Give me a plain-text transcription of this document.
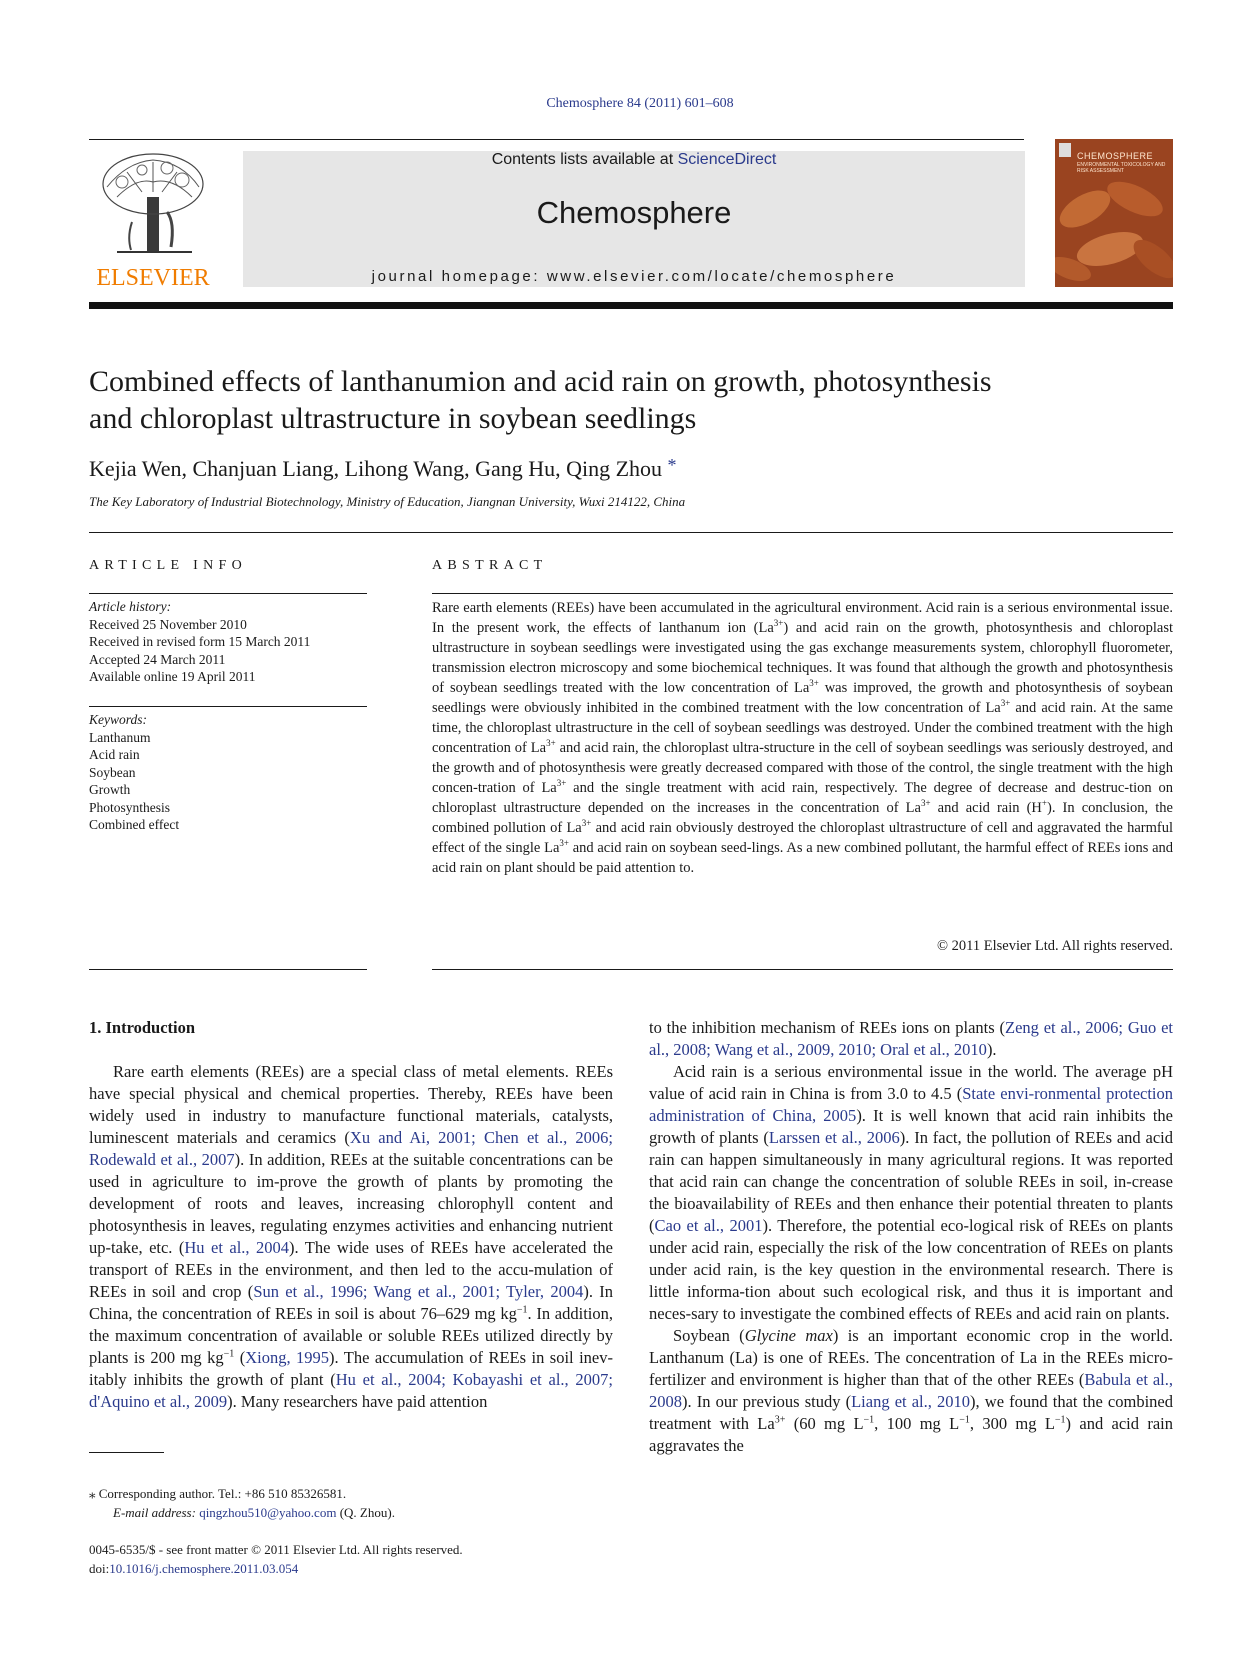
Chemosphere 84 (2011) 601–608
ELSEVIER
Contents lists available at ScienceDirect
Chemosphere
journal homepage: www.elsevier.com/locate/chemosphere
CHEMOSPHERE
ENVIRONMENTAL TOXICOLOGY AND RISK ASSESSMENT
Combined effects of lanthanumion and acid rain on growth, photosynthesis
and chloroplast ultrastructure in soybean seedlings
Kejia Wen, Chanjuan Liang, Lihong Wang, Gang Hu, Qing Zhou *
The Key Laboratory of Industrial Biotechnology, Ministry of Education, Jiangnan University, Wuxi 214122, China
ARTICLE INFO	ABSTRACT
Article history:
Received 25 November 2010
Received in revised form 15 March 2011
Accepted 24 March 2011
Available online 19 April 2011
Keywords:
Lanthanum
Acid rain
Soybean
Growth
Photosynthesis
Combined effect
Rare earth elements (REEs) have been accumulated in the agricultural environment. Acid rain is a serious environmental issue. In the present work, the effects of lanthanum ion $(La^{3+})$ and acid rain on the growth, photosynthesis and chloroplast ultrastructure in soybean seedlings were investigated using the gas exchange measurements system, chlorophyll fluorometer, transmission electron microscopy and some biochemical techniques. It was found that although the growth and photosynthesis of soybean seedlings treated with the low concentration of $La^{3+}$ was improved, the growth and photosynthesis of soybean seedlings were obviously inhibited in the combined treatment with the low concentration of $La^{3+}$ and acid rain. At the same time, the chloroplast ultrastructure in the cell of soybean seedlings was destroyed. Under the combined treatment with the high concentration of $La^{3+}$ and acid rain, the chloroplast ultra-structure in the cell of soybean seedlings was seriously destroyed, and the growth and of photosynthesis were greatly decreased compared with those of the control, the single treatment with the high concen-tration of $La^{3+}$ and the single treatment with acid rain, respectively. The degree of decrease and destruc-tion on chloroplast ultrastructure depended on the increases in the concentration of $La^{3+}$ and acid rain (H+). In conclusion, the combined pollution of $La^{3+}$ and acid rain obviously destroyed the chloroplast ultrastructure of cell and aggravated the harmful effect of the single $La^{3+}$ and acid rain on soybean seed-lings. As a new combined pollutant, the harmful effect of REEs ions and acid rain on plant should be paid attention to.
© 2011 Elsevier Ltd. All rights reserved.
1. Introduction

Rare earth elements (REEs) are a special class of metal elements. REEs have special physical and chemical properties. Thereby, REEs have been widely used in industry to manufacture functional materials, catalysts, luminescent materials and ceramics (Xu and Ai, 2001; Chen et al., 2006; Rodewald et al., 2007). In addition, REEs at the suitable concentrations can be used in agriculture to im-prove the growth of plants by promoting the development of roots and leaves, increasing chlorophyll content and photosynthesis in leaves, regulating enzymes activities and enhancing nutrient up-take, etc. (Hu et al., 2004). The wide uses of REEs have accelerated the transport of REEs in the environment, and then led to the accu-mulation of REEs in soil and crop (Sun et al., 1996; Wang et al., 2001; Tyler, 2004). In China, the concentration of REEs in soil is about 76–629 mg $kg^{-1}$. In addition, the maximum concentration of available or soluble REEs utilized directly by plants is 200 mg $kg^{-1}$ (Xiong, 1995). The accumulation of REEs in soil inev-itably inhibits the growth of plant (Hu et al., 2004; Kobayashi et al., 2007; d'Aquino et al., 2009). Many researchers have paid attention

to the inhibition mechanism of REEs ions on plants (Zeng et al., 2006; Guo et al., 2008; Wang et al., 2009, 2010; Oral et al., 2010).

Acid rain is a serious environmental issue in the world. The average pH value of acid rain in China is from 3.0 to 4.5 (State envi-ronmental protection administration of China, 2005). It is well known that acid rain inhibits the growth of plants (Larssen et al., 2006). In fact, the pollution of REEs and acid rain can happen simultaneously in many agricultural regions. It was reported that acid rain can change the concentration of soluble REEs in soil, in-crease the bioavailability of REEs and then enhance their potential threaten to plants (Cao et al., 2001). Therefore, the potential eco-logical risk of REEs on plants under acid rain, especially the risk of the low concentration of REEs on plants under acid rain, is the key question in the environmental research. There is little informa-tion about such ecological risk, and thus it is important and neces-sary to investigate the combined effects of REEs and acid rain on plants.

Soybean (Glycine max) is an important economic crop in the world. Lanthanum (La) is one of REEs. The concentration of La in the REEs micro-fertilizer and environment is higher than that of the other REEs (Babula et al., 2008). In our previous study (Liang et al., 2010), we found that the combined treatment with $La^{3+}$ (60 mg $L^{-1}$, 100 mg $L^{-1}$, 300 mg $L^{-1}$) and acid rain aggravates the

⁎ Corresponding author. Tel.: +86 510 85326581.
E-mail address: qingzhou510@yahoo.com (Q. Zhou).
0045-6535/$ - see front matter © 2011 Elsevier Ltd. All rights reserved.
doi:10.1016/j.chemosphere.2011.03.054
